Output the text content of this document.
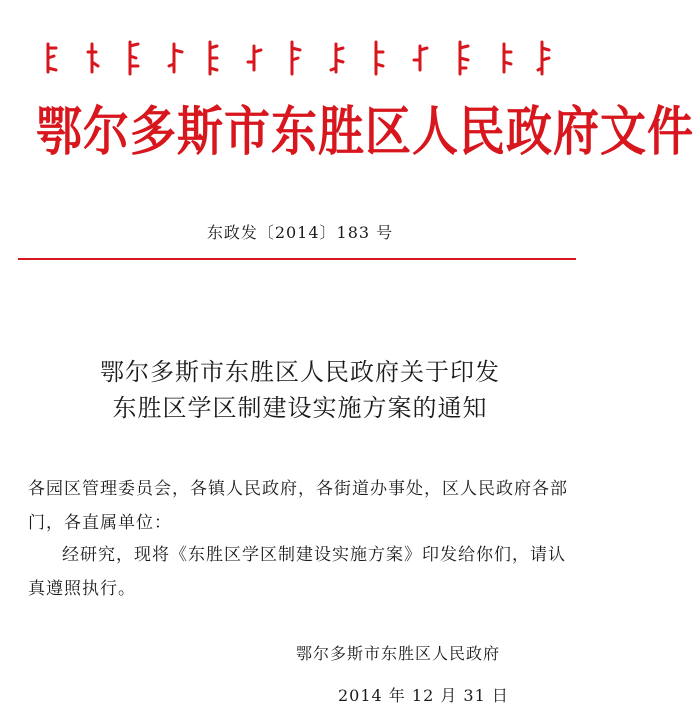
鄂尔多斯市东胜区人民政府文件
东政发〔2014〕183 号
鄂尔多斯市东胜区人民政府关于印发
东胜区学区制建设实施方案的通知

各园区管理委员会，各镇人民政府，各街道办事处，区人民政府各部门，各直属单位：

经研究，现将《东胜区学区制建设实施方案》印发给你们，请认真遵照执行。

鄂尔多斯市东胜区人民政府
2014 年 12 月 31 日
